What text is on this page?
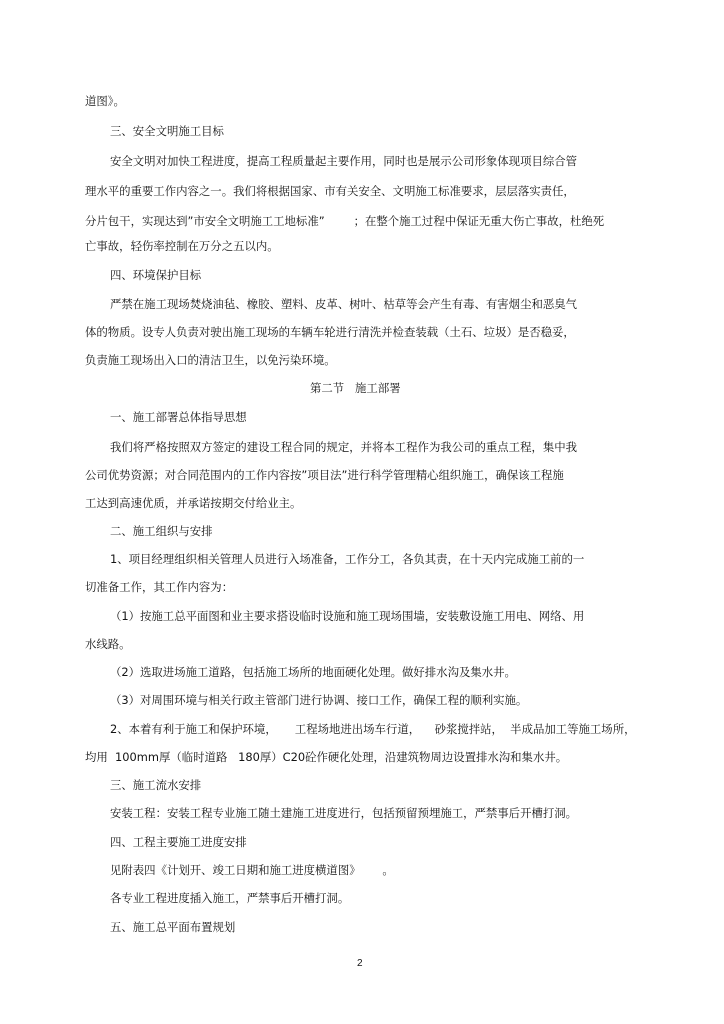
道图》。

三、安全文明施工目标

安全文明对加快工程进度，提高工程质量起主要作用，同时也是展示公司形象体现项目综合管

理水平的重要工作内容之一。我们将根据国家、市有关安全、文明施工标准要求，层层落实责任，

分片包干，实现达到”市安全文明施工工地标准”        ；在整个施工过程中保证无重大伤亡事故，杜绝死

亡事故，轻伤率控制在万分之五以内。

四、环境保护目标

严禁在施工现场焚烧油毡、橡胶、塑料、皮革、树叶、枯草等会产生有毒、有害烟尘和恶臭气

体的物质。设专人负责对驶出施工现场的车辆车轮进行清洗并检查装载（土石、垃圾）是否稳妥，

负责施工现场出入口的清洁卫生，以免污染环境。

第二节   施工部署

一、施工部署总体指导思想

我们将严格按照双方签定的建设工程合同的规定，并将本工程作为我公司的重点工程，集中我

公司优势资源；对合同范围内的工作内容按”项目法”进行科学管理精心组织施工，确保该工程施

工达到高速优质，并承诺按期交付给业主。

二、施工组织与安排

1、项目经理组织相关管理人员进行入场准备，工作分工，各负其责，在十天内完成施工前的一

切准备工作，其工作内容为：

（1）按施工总平面图和业主要求搭设临时设施和施工现场围墙，安装敷设施工用电、网络、用

水线路。

（2）选取进场施工道路，包括施工场所的地面硬化处理。做好排水沟及集水井。

（3）对周围环境与相关行政主管部门进行协调、接口工作，确保工程的顺利实施。

2、本着有利于施工和保护环境，     工程场地进出场车行道，    砂浆搅拌站，  半成品加工等施工场所，

均用  100mm厚（临时道路   180厚）C20砼作硬化处理，沿建筑物周边设置排水沟和集水井。

三、施工流水安排

安装工程：安装工程专业施工随土建施工进度进行，包括预留预埋施工，严禁事后开槽打洞。

四、工程主要施工进度安排

见附表四《计划开、竣工日期和施工进度横道图》      。

各专业工程进度插入施工，严禁事后开槽打洞。

五、施工总平面布置规划

2
